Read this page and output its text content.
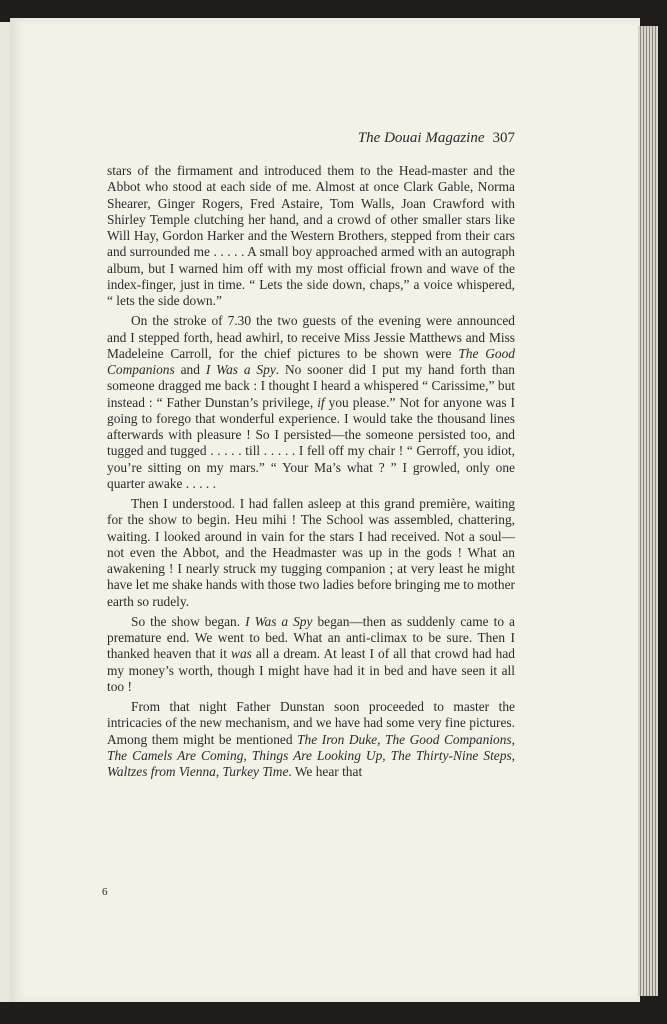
The Douai Magazine 307

stars of the firmament and introduced them to the Head-master and the Abbot who stood at each side of me. Almost at once Clark Gable, Norma Shearer, Ginger Rogers, Fred Astaire, Tom Walls, Joan Crawford with Shirley Temple clutching her hand, and a crowd of other smaller stars like Will Hay, Gordon Harker and the Western Brothers, stepped from their cars and surrounded me . . . . . A small boy approached armed with an autograph album, but I warned him off with my most official frown and wave of the index-finger, just in time. “ Lets the side down, chaps,” a voice whispered, “ lets the side down.”

On the stroke of 7.30 the two guests of the evening were announced and I stepped forth, head awhirl, to receive Miss Jessie Matthews and Miss Madeleine Carroll, for the chief pictures to be shown were The Good Companions and I Was a Spy. No sooner did I put my hand forth than someone dragged me back : I thought I heard a whispered “ Carissime,” but instead : “ Father Dunstan’s privilege, if you please.” Not for anyone was I going to forego that wonderful experience. I would take the thousand lines afterwards with pleasure ! So I persisted—the someone persisted too, and tugged and tugged . . . . . till . . . . . I fell off my chair ! “ Gerroff, you idiot, you’re sitting on my mars.” “ Your Ma’s what ? ” I growled, only one quarter awake . . . . .

Then I understood. I had fallen asleep at this grand première, waiting for the show to begin. Heu mihi ! The School was assembled, chattering, waiting. I looked around in vain for the stars I had received. Not a soul—not even the Abbot, and the Headmaster was up in the gods ! What an awakening ! I nearly struck my tugging companion ; at very least he might have let me shake hands with those two ladies before bringing me to mother earth so rudely.

So the show began. I Was a Spy began—then as suddenly came to a premature end. We went to bed. What an anti-climax to be sure. Then I thanked heaven that it was all a dream. At least I of all that crowd had had my money’s worth, though I might have had it in bed and have seen it all too !

From that night Father Dunstan soon proceeded to master the intricacies of the new mechanism, and we have had some very fine pictures. Among them might be mentioned The Iron Duke, The Good Companions, The Camels Are Coming, Things Are Looking Up, The Thirty-Nine Steps, Waltzes from Vienna, Turkey Time. We hear that

6
